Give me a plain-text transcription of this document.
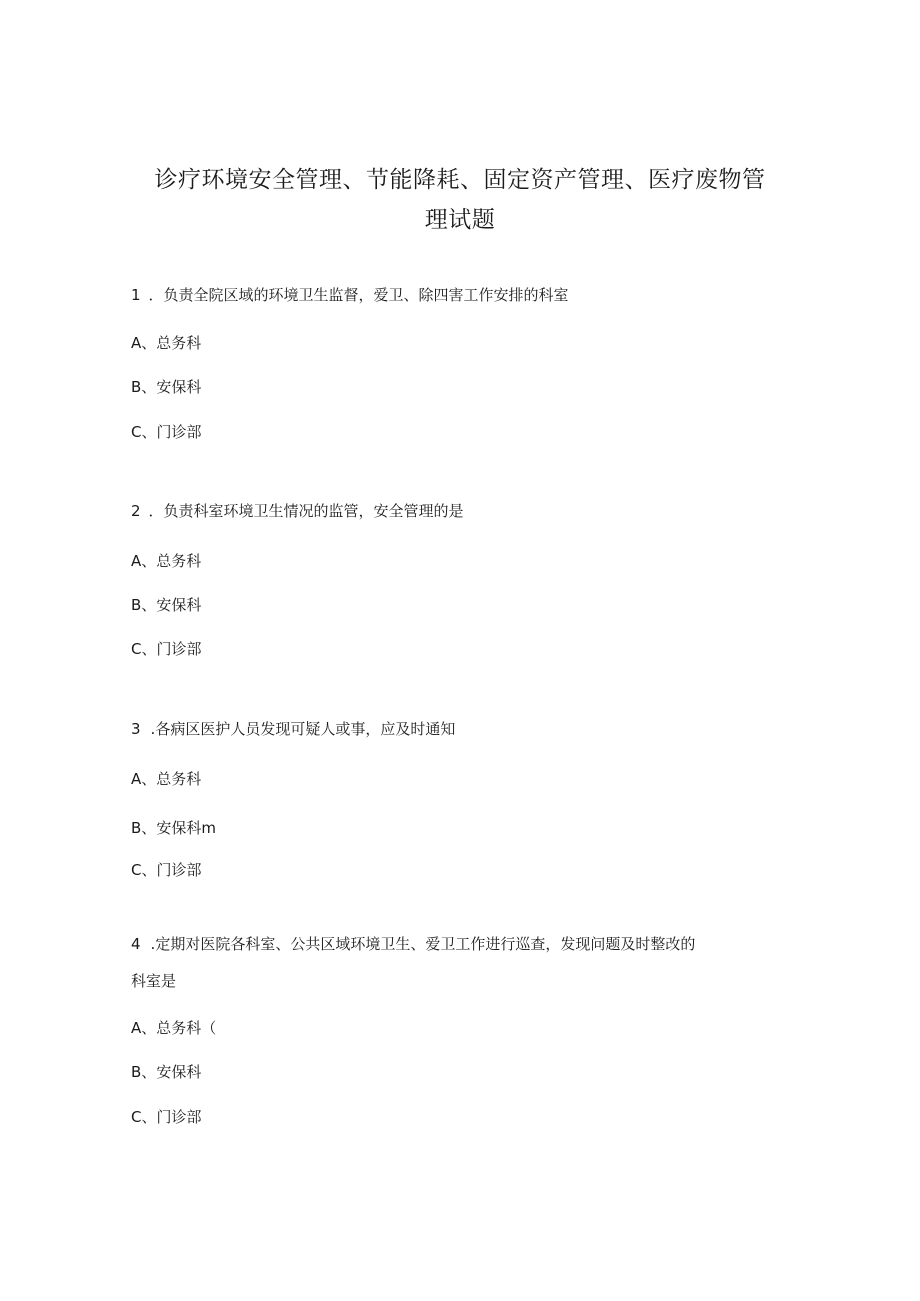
诊疗环境安全管理、节能降耗、固定资产管理、医疗废物管
理试题

1 ．负责全院区域的环境卫生监督，爱卫、除四害工作安排的科室

A、总务科

B、安保科

C、门诊部

2 ．负责科室环境卫生情况的监管，安全管理的是

A、总务科

B、安保科

C、门诊部

3 .各病区医护人员发现可疑人或事，应及时通知

A、总务科

B、安保科m

C、门诊部

4 .定期对医院各科室、公共区域环境卫生、爱卫工作进行巡查，发现问题及时整改的

科室是

A、总务科（

B、安保科

C、门诊部
